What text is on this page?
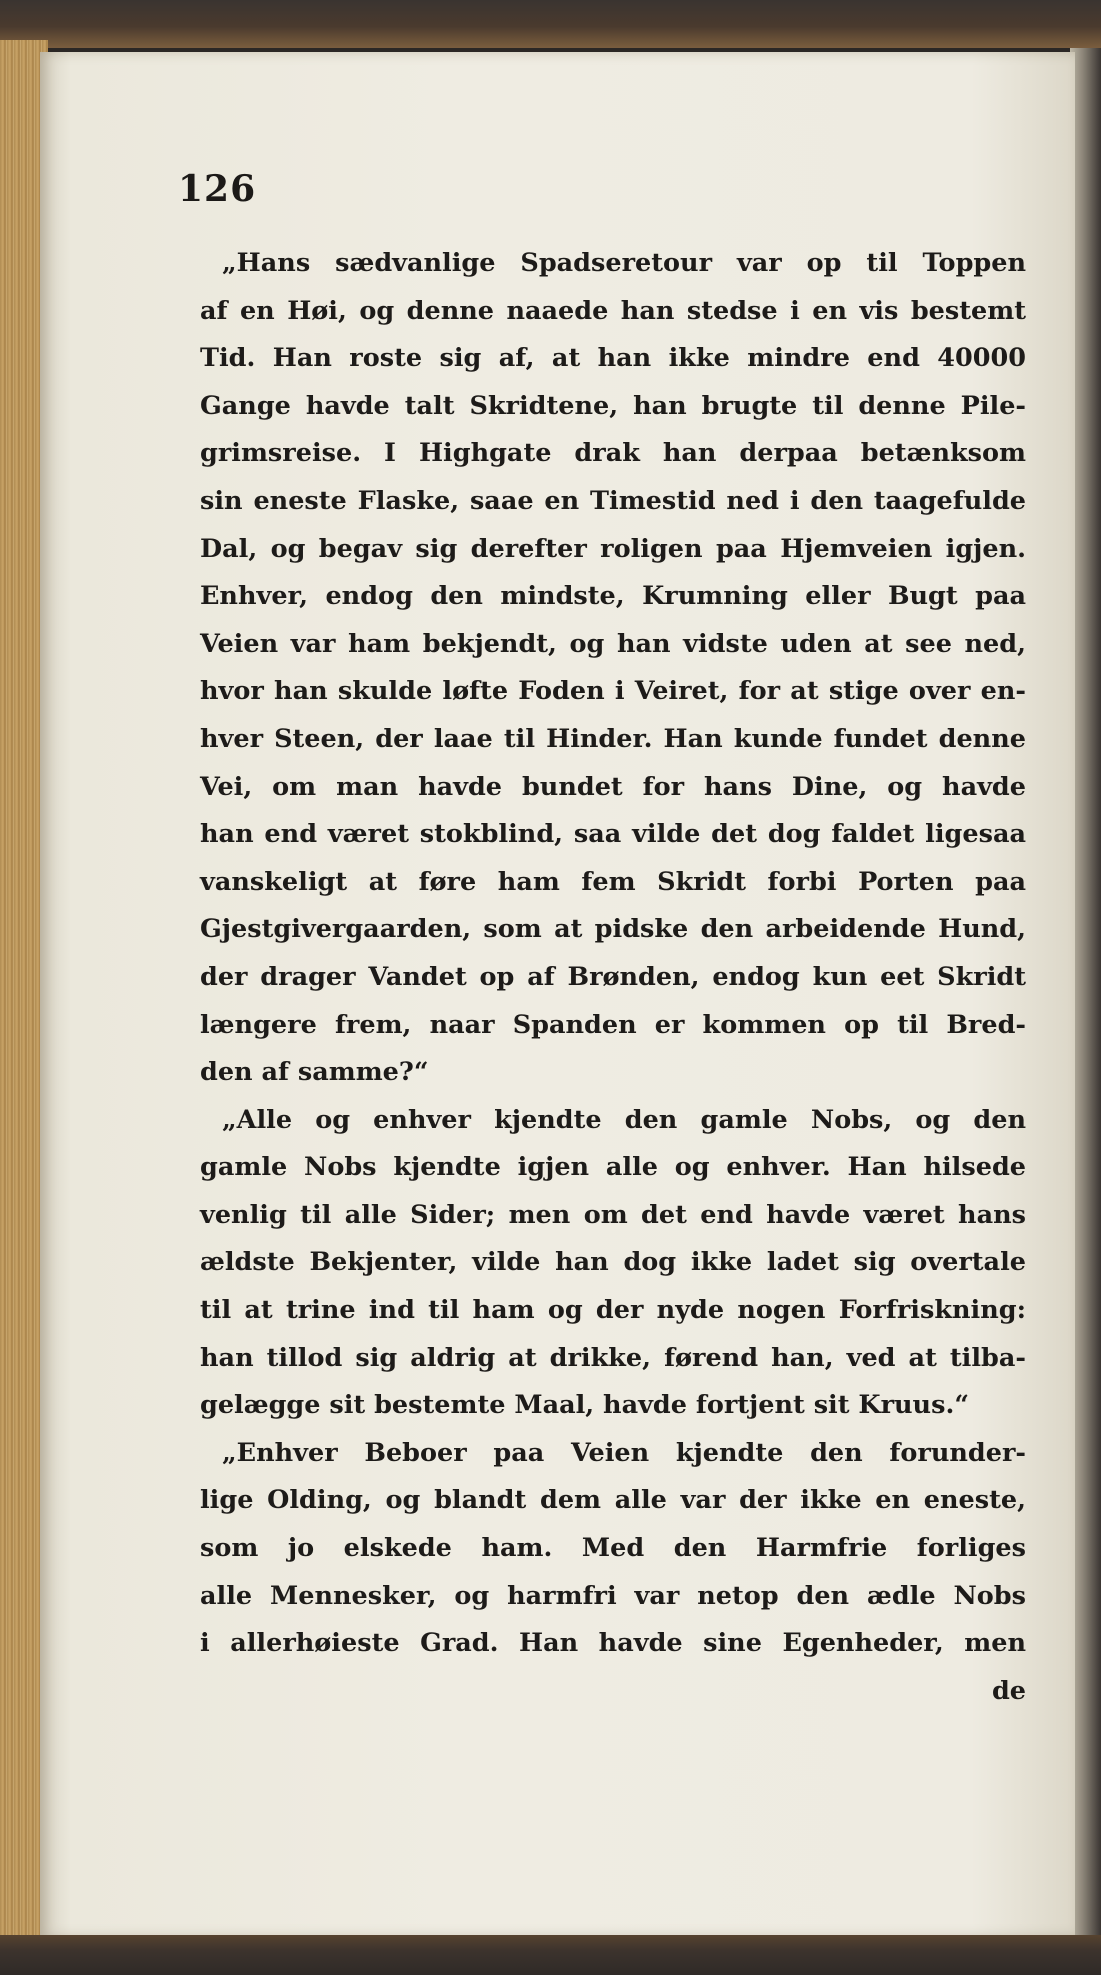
126
„Hans sædvanlige Spadseretour var op til Toppen
af en Høi, og denne naaede han stedse i en vis bestemt
Tid. Han roste sig af, at han ikke mindre end 40000
Gange havde talt Skridtene, han brugte til denne Pile-
grimsreise. I Highgate drak han derpaa betænksom
sin eneste Flaske, saae en Timestid ned i den taagefulde
Dal, og begav sig derefter roligen paa Hjemveien igjen.
Enhver, endog den mindste, Krumning eller Bugt paa
Veien var ham bekjendt, og han vidste uden at see ned,
hvor han skulde løfte Foden i Veiret, for at stige over en-
hver Steen, der laae til Hinder. Han kunde fundet denne
Vei, om man havde bundet for hans Dine, og havde
han end været stokblind, saa vilde det dog faldet ligesaa
vanskeligt at føre ham fem Skridt forbi Porten paa
Gjestgivergaarden, som at pidske den arbeidende Hund,
der drager Vandet op af Brønden, endog kun eet Skridt
længere frem, naar Spanden er kommen op til Bred-
den af samme?“
„Alle og enhver kjendte den gamle Nobs, og den
gamle Nobs kjendte igjen alle og enhver. Han hilsede
venlig til alle Sider; men om det end havde været hans
ældste Bekjenter, vilde han dog ikke ladet sig overtale
til at trine ind til ham og der nyde nogen Forfriskning:
han tillod sig aldrig at drikke, førend han, ved at tilba-
gelægge sit bestemte Maal, havde fortjent sit Kruus.“
„Enhver Beboer paa Veien kjendte den forunder-
lige Olding, og blandt dem alle var der ikke en eneste,
som jo elskede ham. Med den Harmfrie forliges
alle Mennesker, og harmfri var netop den ædle Nobs
i allerhøieste Grad. Han havde sine Egenheder, men
de
